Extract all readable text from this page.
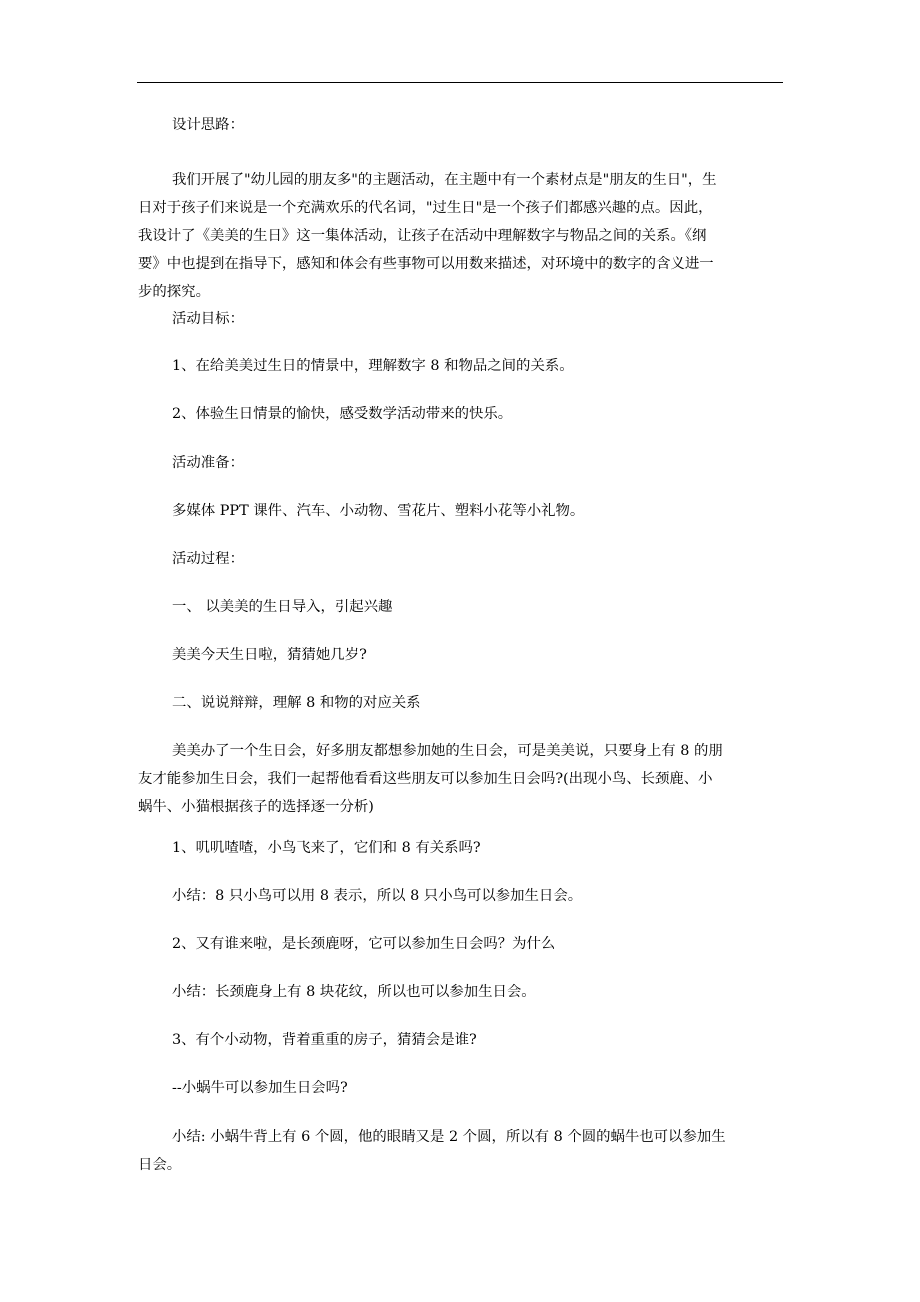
设计思路：

我们开展了"幼儿园的朋友多"的主题活动，在主题中有一个素材点是"朋友的生日"，生
日对于孩子们来说是一个充满欢乐的代名词，"过生日"是一个孩子们都感兴趣的点。因此，
我设计了《美美的生日》这一集体活动，让孩子在活动中理解数字与物品之间的关系。《纲
要》中也提到在指导下，感知和体会有些事物可以用数来描述，对环境中的数字的含义进一
步的探究。

活动目标：

1、在给美美过生日的情景中，理解数字 8 和物品之间的关系。

2、体验生日情景的愉快，感受数学活动带来的快乐。

活动准备：

多媒体 PPT 课件、汽车、小动物、雪花片、塑料小花等小礼物。

活动过程：

一、 以美美的生日导入，引起兴趣

美美今天生日啦，猜猜她几岁?

二、说说辩辩，理解 8 和物的对应关系

美美办了一个生日会，好多朋友都想参加她的生日会，可是美美说，只要身上有 8 的朋
友才能参加生日会，我们一起帮他看看这些朋友可以参加生日会吗?(出现小鸟、长颈鹿、小
蜗牛、小猫根据孩子的选择逐一分析)

1、叽叽喳喳，小鸟飞来了，它们和 8 有关系吗?

小结：8 只小鸟可以用 8 表示，所以 8 只小鸟可以参加生日会。

2、又有谁来啦，是长颈鹿呀，它可以参加生日会吗？为什么

小结：长颈鹿身上有 8 块花纹，所以也可以参加生日会。

3、有个小动物，背着重重的房子，猜猜会是谁?

--小蜗牛可以参加生日会吗?

小结: 小蜗牛背上有 6 个圆，他的眼睛又是 2 个圆，所以有 8 个圆的蜗牛也可以参加生
日会。
